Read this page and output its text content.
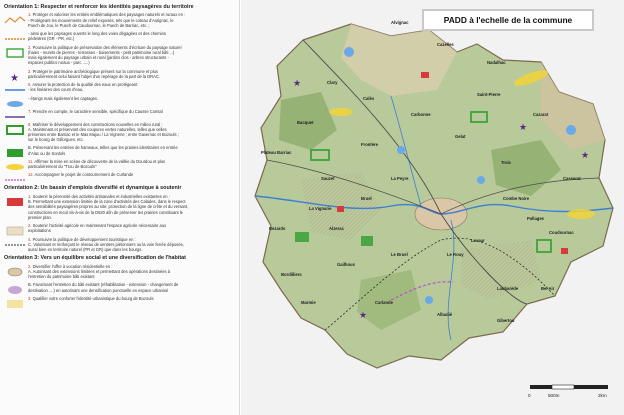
Orientation 1: Respecter et renforcer les identités paysagères du territoire
1. Protéger et valoriser les entités emblématiques des paysages naturels et ruraux en :
- Protégeant les mouvements de relief exposés, tels que le coteau d'Autignac, le
Puech de Jou, le Puech de Caudournac, le Puech de Barriac, etc. ;
- ainsi que les paysages ouverts le long des voies dégagées et des chemins
pédestres (GR - PR, etc.)
2. Poursuivre la politique de préservation des éléments d'écriture du paysage naturel
(haies - murets de pierres - terrasses - boisements - petit patrimoine rural bâti ...)
mais également du paysage urbain et rural (jardins clos - arbres structurants -
espaces publics ruraux - parc .....)
★
3. Protéger le patrimoine archéologique présent sur la commune et plus
particulièrement celui faisant l'objet d'un repérage de la part de la DRAC.
5. Assurer la protection de la qualité des eaux en protégeant
- les linéaires des cours d'eau,
- étangs mais également les captages.
7. Prendre en compte, le caractère sensible, spécifique du Causse Comtal
8. Maîtriser le développement des constructions nouvelles en milieu rural :
A. Maintenant et préservant des coupures vertes naturelles, telles que celles
présentes entre Barriac et le Mas Majou / La Vignerie ; entre Gavernac et Bozouls ;
sur le bourg de Gillorgues, etc.
B. Préservant les entrées de hameaux, telles que les prairies identitaires en entrée
d'Alac ou de Sontols
11. Affirmer la mise en scène de découverte de la vallée du Dourdou et plus
particulièrement du "Trou de Bozouls"
12. Accompagner le projet de contournement de Curlande
Orientation 2: Un bassin d'emplois diversifié et dynamique à soutenir
1. Soutenir la pérennité des activités artisanales et industrielles existantes en :
B. Permettant une extension limitée de la zone d'activités des Calades, dans le respect
des sensibilités paysagères propres au site: protection de la ligne de crête et du versant,
constructions en recul vis-à-vis de la D920 afin de préserver les prairies constituant le
premier plan.
2. Soutenir l'activité agricole en maintenant l'espace agricole nécessaire aux
exploitations
4. Poursuivre la politique de développement touristique en :
C. Valorisant et renforçant le réseau de sentiers piétonniers ou la voie ferrée déposée,
aussi bien en territoire naturel (PR et GR) que dans les bourgs.
Orientation 3: Vers un équilibre social et une diversification de l'habitat
2. Diversifier l'offre à vocation résidentielle en :
A. Autorisant des extensions limitées et permettant des opérations destinées à
l'entretien du patrimoine bâti existant
B. Favorisant l'entretien du bâti existant (réhabilitation - extension - changement de
destination ....) en autorisant une densification ponctuelle en espace urbanisé
3. Qualifier votre conforter l'identité urbanistique du bourg de Bozouls
★
★
★
★
PADD à l'echelle de la commune
Coudournac
Alvignac
Cazelles
Plateau Barriac
Clary
Saint-Pierre
Calès
Nadalhac
Carbonne
Bacquet
Cazarat
Gelat
Frontère
Trois
Casserat
Sauzet	La Peyre
Combe Noire
Bruel
La Vignarie
Bezards	Alzerac
Lavaur
Le Bruel
Pallages
Bel Air
Laubarède
Le Rouy
Gailhous
Carlande
Albadié
Gibertou
Bordilliers
Marmie
0	500m	2km
